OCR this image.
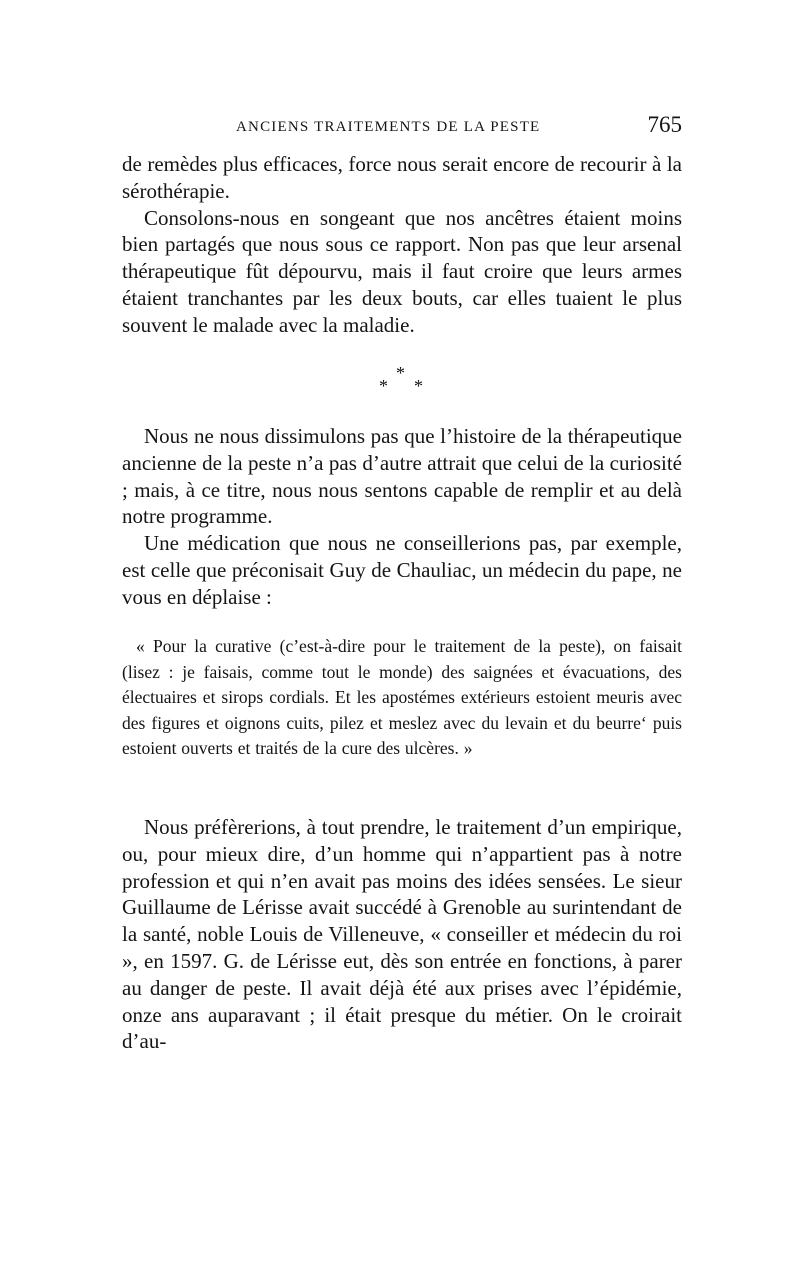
ANCIENS TRAITEMENTS DE LA PESTE	765

de remèdes plus efficaces, force nous serait encore de recourir à la sérothérapie.

Consolons-nous en songeant que nos ancêtres étaient moins bien partagés que nous sous ce rapport. Non pas que leur arsenal thérapeutique fût dépourvu, mais il faut croire que leurs armes étaient tranchantes par les deux bouts, car elles tuaient le plus souvent le malade avec la maladie.

*
* *

Nous ne nous dissimulons pas que l’histoire de la thérapeutique ancienne de la peste n’a pas d’autre attrait que celui de la curiosité ; mais, à ce titre, nous nous sentons capable de remplir et au delà notre programme.

Une médication que nous ne conseillerions pas, par exemple, est celle que préconisait Guy de Chauliac, un médecin du pape, ne vous en déplaise :

« Pour la curative (c’est-à-dire pour le traitement de la peste), on faisait (lisez : je faisais, comme tout le monde) des saignées et évacuations, des électuaires et sirops cordials. Et les apostémes extérieurs estoient meuris avec des figures et oignons cuits, pilez et meslez avec du levain et du beurre‘ puis estoient ouverts et traités de la cure des ulcères. »

Nous préfèrerions, à tout prendre, le traitement d’un empirique, ou, pour mieux dire, d’un homme qui n’appartient pas à notre profession et qui n’en avait pas moins des idées sensées. Le sieur Guillaume de Lérisse avait succédé à Grenoble au surintendant de la santé, noble Louis de Villeneuve, « conseiller et médecin du roi », en 1597. G. de Lérisse eut, dès son entrée en fonctions, à parer au danger de peste. Il avait déjà été aux prises avec l’épidémie, onze ans auparavant ; il était presque du métier. On le croirait d’au-
